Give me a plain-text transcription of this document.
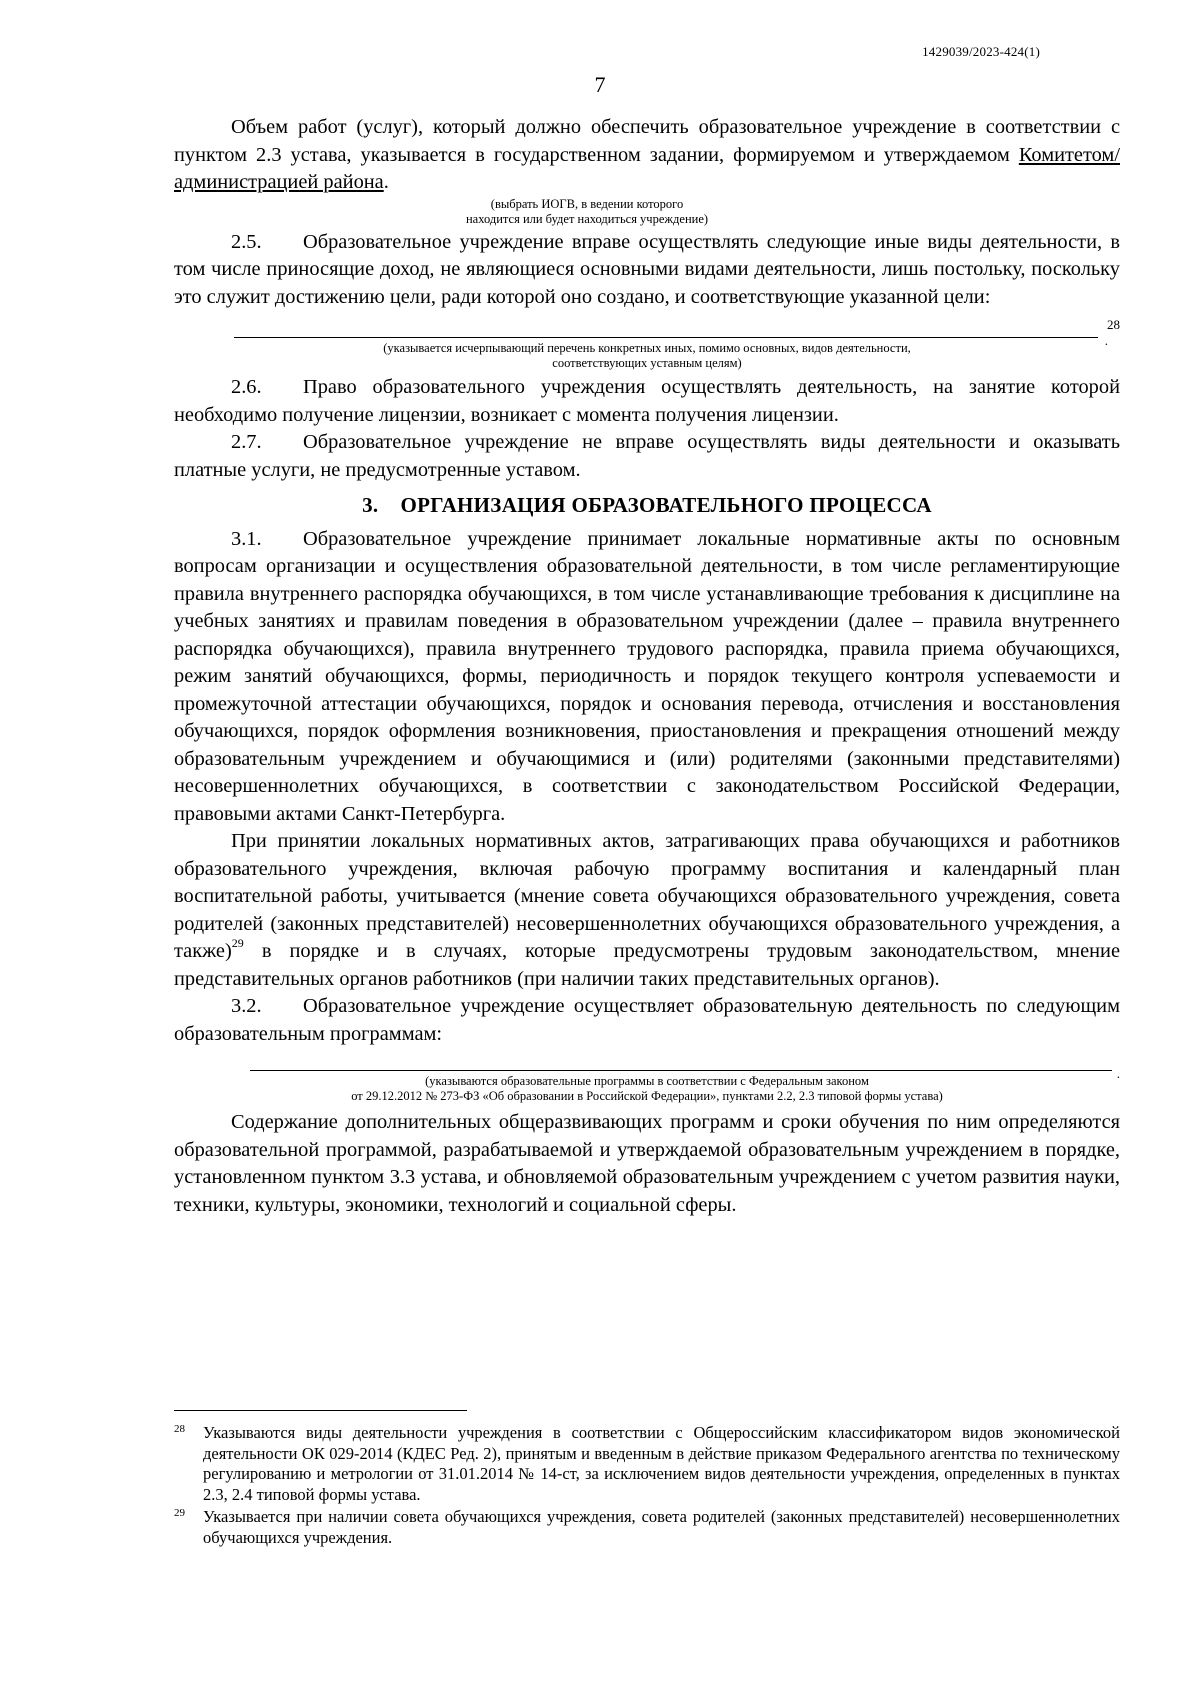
1429039/2023-424(1)
7

Объем работ (услуг), который должно обеспечить образовательное учреждение в соответствии с пунктом 2.3 устава, указывается в государственном задании, формируемом и утверждаемом Комитетом/администрацией района.

(выбрать ИОГВ, в ведении которого

находится или будет находиться учреждение)

2.5. Образовательное учреждение вправе осуществлять следующие иные виды деятельности, в том числе приносящие доход, не являющиеся основными видами деятельности, лишь постольку, поскольку это служит достижению цели, ради которой оно создано, и соответствующие указанной цели:

28
.

(указывается исчерпывающий перечень конкретных иных, помимо основных, видов деятельности,

соответствующих уставным целям)

2.6. Право образовательного учреждения осуществлять деятельность, на занятие которой необходимо получение лицензии, возникает с момента получения лицензии.

2.7. Образовательное учреждение не вправе осуществлять виды деятельности и оказывать платные услуги, не предусмотренные уставом.

3. ОРГАНИЗАЦИЯ ОБРАЗОВАТЕЛЬНОГО ПРОЦЕССА

3.1. Образовательное учреждение принимает локальные нормативные акты по основным вопросам организации и осуществления образовательной деятельности, в том числе регламентирующие правила внутреннего распорядка обучающихся, в том числе устанавливающие требования к дисциплине на учебных занятиях и правилам поведения в образовательном учреждении (далее – правила внутреннего распорядка обучающихся), правила внутреннего трудового распорядка, правила приема обучающихся, режим занятий обучающихся, формы, периодичность и порядок текущего контроля успеваемости и промежуточной аттестации обучающихся, порядок и основания перевода, отчисления и восстановления обучающихся, порядок оформления возникновения, приостановления и прекращения отношений между образовательным учреждением и обучающимися и (или) родителями (законными представителями) несовершеннолетних обучающихся, в соответствии с законодательством Российской Федерации, правовыми актами Санкт-Петербурга.

При принятии локальных нормативных актов, затрагивающих права обучающихся и работников образовательного учреждения, включая рабочую программу воспитания и календарный план воспитательной работы, учитывается (мнение совета обучающихся образовательного учреждения, совета родителей (законных представителей) несовершеннолетних обучающихся образовательного учреждения, а также)$^{29}$ в порядке и в случаях, которые предусмотрены трудовым законодательством, мнение представительных органов работников (при наличии таких представительных органов).

3.2. Образовательное учреждение осуществляет образовательную деятельность по следующим образовательным программам:

.

(указываются образовательные программы в соответствии с Федеральным законом

от 29.12.2012 № 273-ФЗ «Об образовании в Российской Федерации», пунктами 2.2, 2.3 типовой формы устава)

Содержание дополнительных общеразвивающих программ и сроки обучения по ним определяются образовательной программой, разрабатываемой и утверждаемой образовательным учреждением в порядке, установленном пунктом 3.3 устава, и обновляемой образовательным учреждением с учетом развития науки, техники, культуры, экономики, технологий и социальной сферы.

28 Указываются виды деятельности учреждения в соответствии с Общероссийским классификатором видов экономической деятельности ОК 029-2014 (КДЕС Ред. 2), принятым и введенным в действие приказом Федерального агентства по техническому регулированию и метрологии от 31.01.2014 № 14-ст, за исключением видов деятельности учреждения, определенных в пунктах 2.3, 2.4 типовой формы устава.

29 Указывается при наличии совета обучающихся учреждения, совета родителей (законных представителей) несовершеннолетних обучающихся учреждения.
